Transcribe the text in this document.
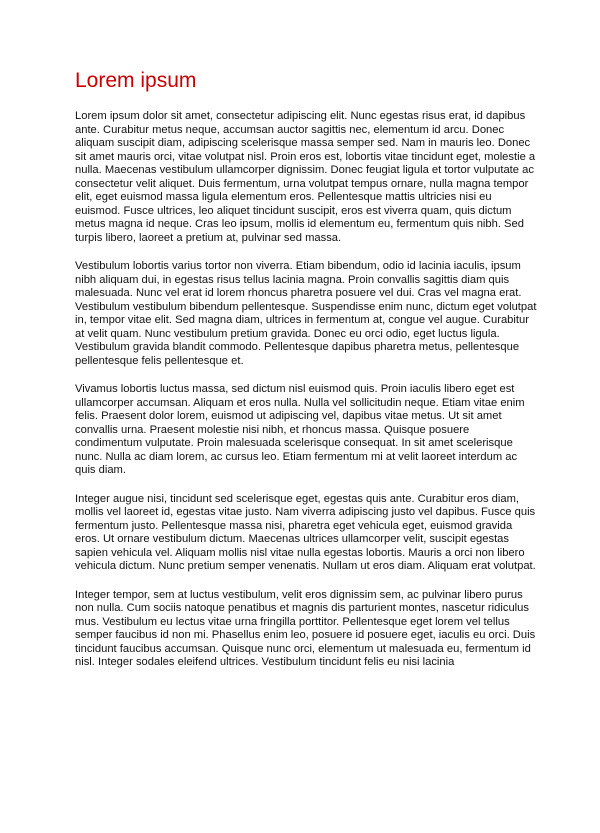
Lorem ipsum

Lorem ipsum dolor sit amet, consectetur adipiscing elit. Nunc egestas risus erat, id dapibus ante. Curabitur metus neque, accumsan auctor sagittis nec, elementum id arcu. Donec aliquam suscipit diam, adipiscing scelerisque massa semper sed. Nam in mauris leo. Donec sit amet mauris orci, vitae volutpat nisl. Proin eros est, lobortis vitae tincidunt eget, molestie a nulla. Maecenas vestibulum ullamcorper dignissim. Donec feugiat ligula et tortor vulputate ac consectetur velit aliquet. Duis fermentum, urna volutpat tempus ornare, nulla magna tempor elit, eget euismod massa ligula elementum eros. Pellentesque mattis ultricies nisi eu euismod. Fusce ultrices, leo aliquet tincidunt suscipit, eros est viverra quam, quis dictum metus magna id neque. Cras leo ipsum, mollis id elementum eu, fermentum quis nibh. Sed turpis libero, laoreet a pretium at, pulvinar sed massa.

Vestibulum lobortis varius tortor non viverra. Etiam bibendum, odio id lacinia iaculis, ipsum nibh aliquam dui, in egestas risus tellus lacinia magna. Proin convallis sagittis diam quis malesuada. Nunc vel erat id lorem rhoncus pharetra posuere vel dui. Cras vel magna erat. Vestibulum vestibulum bibendum pellentesque. Suspendisse enim nunc, dictum eget volutpat in, tempor vitae elit. Sed magna diam, ultrices in fermentum at, congue vel augue. Curabitur at velit quam. Nunc vestibulum pretium gravida. Donec eu orci odio, eget luctus ligula. Vestibulum gravida blandit commodo. Pellentesque dapibus pharetra metus, pellentesque pellentesque felis pellentesque et.

Vivamus lobortis luctus massa, sed dictum nisl euismod quis. Proin iaculis libero eget est ullamcorper accumsan. Aliquam et eros nulla. Nulla vel sollicitudin neque. Etiam vitae enim felis. Praesent dolor lorem, euismod ut adipiscing vel, dapibus vitae metus. Ut sit amet convallis urna. Praesent molestie nisi nibh, et rhoncus massa. Quisque posuere condimentum vulputate. Proin malesuada scelerisque consequat. In sit amet scelerisque nunc. Nulla ac diam lorem, ac cursus leo. Etiam fermentum mi at velit laoreet interdum ac quis diam.

Integer augue nisi, tincidunt sed scelerisque eget, egestas quis ante. Curabitur eros diam, mollis vel laoreet id, egestas vitae justo. Nam viverra adipiscing justo vel dapibus. Fusce quis fermentum justo. Pellentesque massa nisi, pharetra eget vehicula eget, euismod gravida eros. Ut ornare vestibulum dictum. Maecenas ultrices ullamcorper velit, suscipit egestas sapien vehicula vel. Aliquam mollis nisl vitae nulla egestas lobortis. Mauris a orci non libero vehicula dictum. Nunc pretium semper venenatis. Nullam ut eros diam. Aliquam erat volutpat.

Integer tempor, sem at luctus vestibulum, velit eros dignissim sem, ac pulvinar libero purus non nulla. Cum sociis natoque penatibus et magnis dis parturient montes, nascetur ridiculus mus. Vestibulum eu lectus vitae urna fringilla porttitor. Pellentesque eget lorem vel tellus semper faucibus id non mi. Phasellus enim leo, posuere id posuere eget, iaculis eu orci. Duis tincidunt faucibus accumsan. Quisque nunc orci, elementum ut malesuada eu, fermentum id nisl. Integer sodales eleifend ultrices. Vestibulum tincidunt felis eu nisi lacinia
